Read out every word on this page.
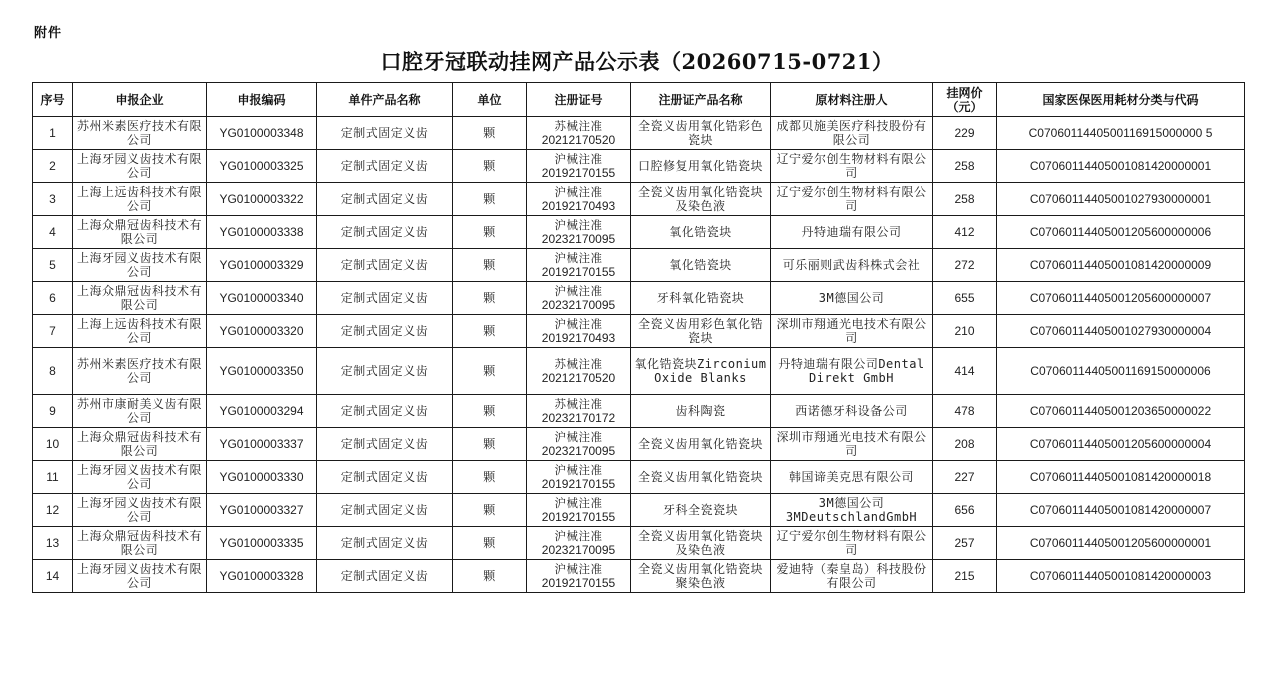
附件
口腔牙冠联动挂网产品公示表（20260715-0721）
序号	申报企业	申报编码	单件产品名称	单位	注册证号	注册证产品名称	原材料注册人	挂网价（元）	国家医保医用耗材分类与代码
1	苏州米素医疗技术有限公司	YG0100003348	定制式固定义齿	颗	苏械注准
20212170520	全瓷义齿用氧化锆彩色瓷块	成都贝施美医疗科技股份有限公司	229	C0706011440500116915000000 5
2	上海牙园义齿技术有限公司	YG0100003325	定制式固定义齿	颗	沪械注准
20192170155	口腔修复用氧化锆瓷块	辽宁爱尔创生物材料有限公司	258	C07060114405001081420000001
3	上海上远齿科技术有限公司	YG0100003322	定制式固定义齿	颗	沪械注准
20192170493	全瓷义齿用氧化锆瓷块及染色液	辽宁爱尔创生物材料有限公司	258	C07060114405001027930000001
4	上海众鼎冠齿科技术有限公司	YG0100003338	定制式固定义齿	颗	沪械注准
20232170095	氧化锆瓷块	丹特迪瑞有限公司	412	C07060114405001205600000006
5	上海牙园义齿技术有限公司	YG0100003329	定制式固定义齿	颗	沪械注准
20192170155	氧化锆瓷块	可乐丽则武齿科株式会社	272	C07060114405001081420000009
6	上海众鼎冠齿科技术有限公司	YG0100003340	定制式固定义齿	颗	沪械注准
20232170095	牙科氧化锆瓷块	3M德国公司	655	C07060114405001205600000007
7	上海上远齿科技术有限公司	YG0100003320	定制式固定义齿	颗	沪械注准
20192170493	全瓷义齿用彩色氧化锆瓷块	深圳市翔通光电技术有限公司	210	C07060114405001027930000004
8	苏州米素医疗技术有限公司	YG0100003350	定制式固定义齿	颗	苏械注准
20212170520	氧化锆瓷块Zirconium Oxide Blanks	丹特迪瑞有限公司Dental Direkt GmbH	414	C07060114405001169150000006
9	苏州市康耐美义齿有限公司	YG0100003294	定制式固定义齿	颗	苏械注准
20232170172	齿科陶瓷	西诺德牙科设备公司	478	C07060114405001203650000022
10	上海众鼎冠齿科技术有限公司	YG0100003337	定制式固定义齿	颗	沪械注准
20232170095	全瓷义齿用氧化锆瓷块	深圳市翔通光电技术有限公司	208	C07060114405001205600000004
11	上海牙园义齿技术有限公司	YG0100003330	定制式固定义齿	颗	沪械注准
20192170155	全瓷义齿用氧化锆瓷块	韩国谛美克思有限公司	227	C07060114405001081420000018
12	上海牙园义齿技术有限公司	YG0100003327	定制式固定义齿	颗	沪械注准
20192170155	牙科全瓷瓷块	3M德国公司 3MDeutschlandGmbH	656	C07060114405001081420000007
13	上海众鼎冠齿科技术有限公司	YG0100003335	定制式固定义齿	颗	沪械注准
20232170095	全瓷义齿用氧化锆瓷块及染色液	辽宁爱尔创生物材料有限公司	257	C07060114405001205600000001
14	上海牙园义齿技术有限公司	YG0100003328	定制式固定义齿	颗	沪械注准
20192170155	全瓷义齿用氧化锆瓷块聚染色液	爱迪特（秦皇岛）科技股份有限公司	215	C07060114405001081420000003
